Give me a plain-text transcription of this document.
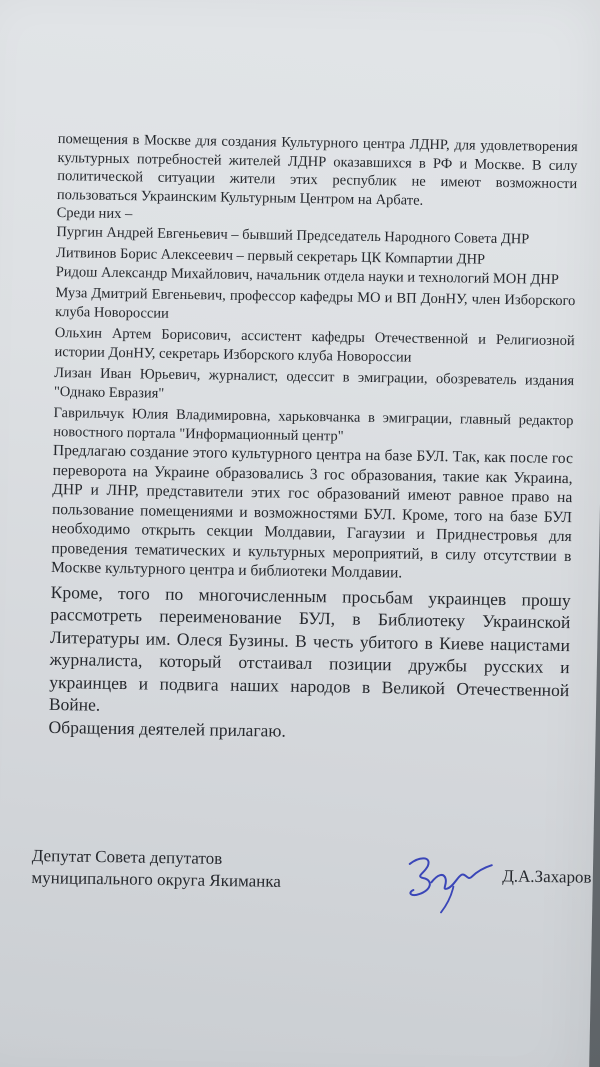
помещения в Москве для создания Культурного центра ЛДНР, для удовлетворения культурных потребностей жителей ЛДНР оказавшихся в РФ и Москве. В силу политической ситуации жители этих республик не имеют возможности пользоваться Украинским Культурным Центром на Арбате.

Среди них –

Пургин Андрей Евгеньевич – бывший Председатель Народного Совета ДНР

Литвинов Борис Алексеевич – первый секретарь ЦК Компартии ДНР

Ридош Александр Михайлович, начальник отдела науки и технологий МОН ДНР

Муза Дмитрий Евгеньевич, профессор кафедры МО и ВП ДонНУ, член Изборского клуба Новороссии

Ольхин Артем Борисович, ассистент кафедры Отечественной и Религиозной истории ДонНУ, секретарь Изборского клуба Новороссии

Лизан Иван Юрьевич, журналист, одессит в эмиграции, обозреватель издания "Однако Евразия"

Гаврильчук Юлия Владимировна, харьковчанка в эмиграции, главный редактор новостного портала "Информационный центр"

Предлагаю создание этого культурного центра на базе БУЛ. Так, как после гос переворота на Украине образовались 3 гос образования, такие как Украина, ДНР и ЛНР, представители этих гос образований имеют равное право на пользование помещениями и возможностями БУЛ. Кроме, того на базе БУЛ необходимо открыть секции Молдавии, Гагаузии и Приднестровья для проведения тематических и культурных мероприятий, в силу отсутствии в Москве культурного центра и библиотеки Молдавии.

Кроме, того по многочисленным просьбам украинцев прошу рассмотреть переименование БУЛ, в Библиотеку Украинской Литературы им. Олеся Бузины. В честь убитого в Киеве нацистами журналиста, который отстаивал позиции дружбы русских и украинцев и подвига наших народов в Великой Отечественной Войне.

Обращения деятелей прилагаю.

Депутат Совета депутатов
муниципального округа Якиманка	Д.А.Захаров
